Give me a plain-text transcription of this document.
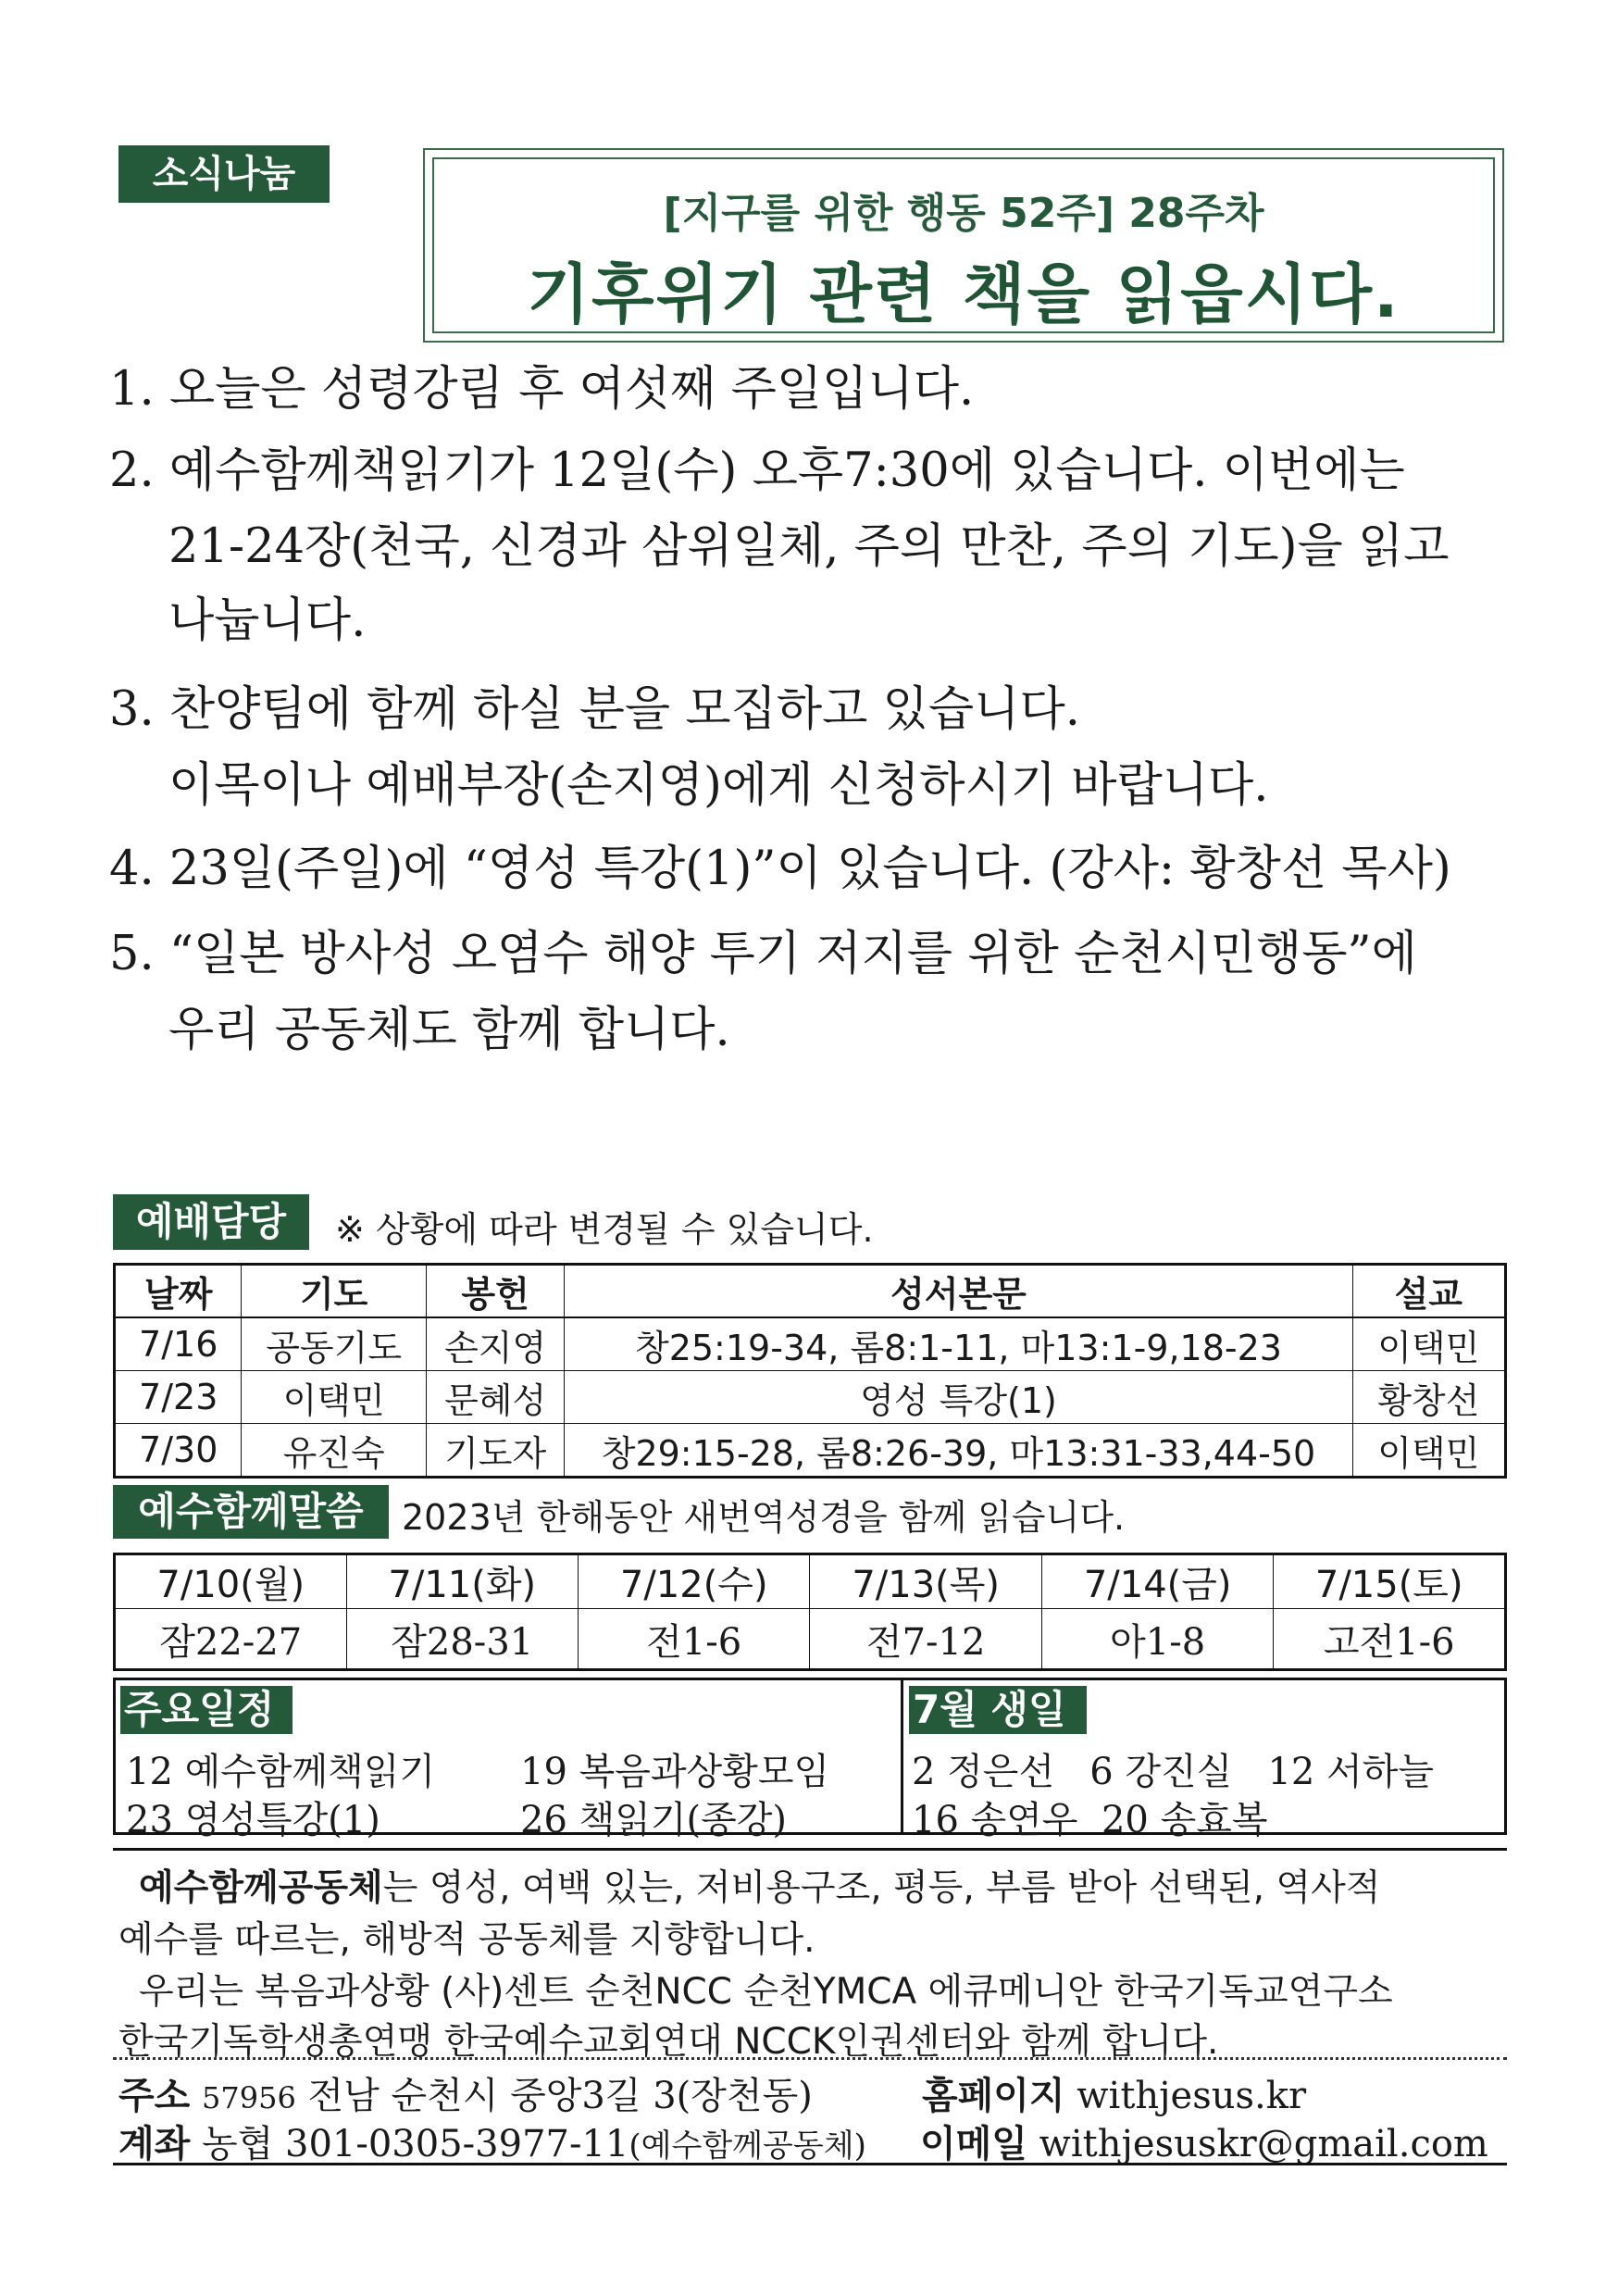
소식나눔
[지구를 위한 행동 52주] 28주차
기후위기 관련 책을 읽읍시다.
1. 오늘은 성령강림 후 여섯째 주일입니다.
2. 예수함께책읽기가 12일(수) 오후7:30에 있습니다. 이번에는
21-24장(천국, 신경과 삼위일체, 주의 만찬, 주의 기도)을 읽고
나눕니다.
3. 찬양팀에 함께 하실 분을 모집하고 있습니다.
이목이나 예배부장(손지영)에게 신청하시기 바랍니다.
4. 23일(주일)에 “영성 특강(1)”이 있습니다. (강사: 황창선 목사)
5. “일본 방사성 오염수 해양 투기 저지를 위한 순천시민행동”에
우리 공동체도 함께 합니다.
예배담당	※ 상황에 따라 변경될 수 있습니다.
날짜	기도	봉헌	성서본문	설교
7/16	공동기도	손지영	창25:19-34, 롬8:1-11, 마13:1-9,18-23	이택민
7/23	이택민	문혜성	영성 특강(1)	황창선
7/30	유진숙	기도자	창29:15-28, 롬8:26-39, 마13:31-33,44-50	이택민
예수함께말씀	2023년 한해동안 새번역성경을 함께 읽습니다.
7/10(월)	7/11(화)	7/12(수)	7/13(목)	7/14(금)	7/15(토)
잠22-27	잠28-31	전1-6	전7-12	아1-8	고전1-6
주요일정	7월 생일
12 예수함께책읽기 19 복음과상황모임
23 영성특강(1)	26 책읽기(종강)
2 정은선   6 강진실   12 서하늘
16 송연우  20 송효복
예수함께공동체는 영성, 여백 있는, 저비용구조, 평등, 부름 받아 선택된, 역사적
예수를 따르는, 해방적 공동체를 지향합니다.
우리는 복음과상황 (사)센트 순천NCC 순천YMCA 에큐메니안 한국기독교연구소
한국기독학생총연맹 한국예수교회연대 NCCK인권센터와 함께 합니다.
주소 57956 전남 순천시 중앙3길 3(장천동)	홈페이지 withjesus.kr
계좌 농협 301-0305-3977-11(예수함께공동체) 이메일 withjesuskr@gmail.com
